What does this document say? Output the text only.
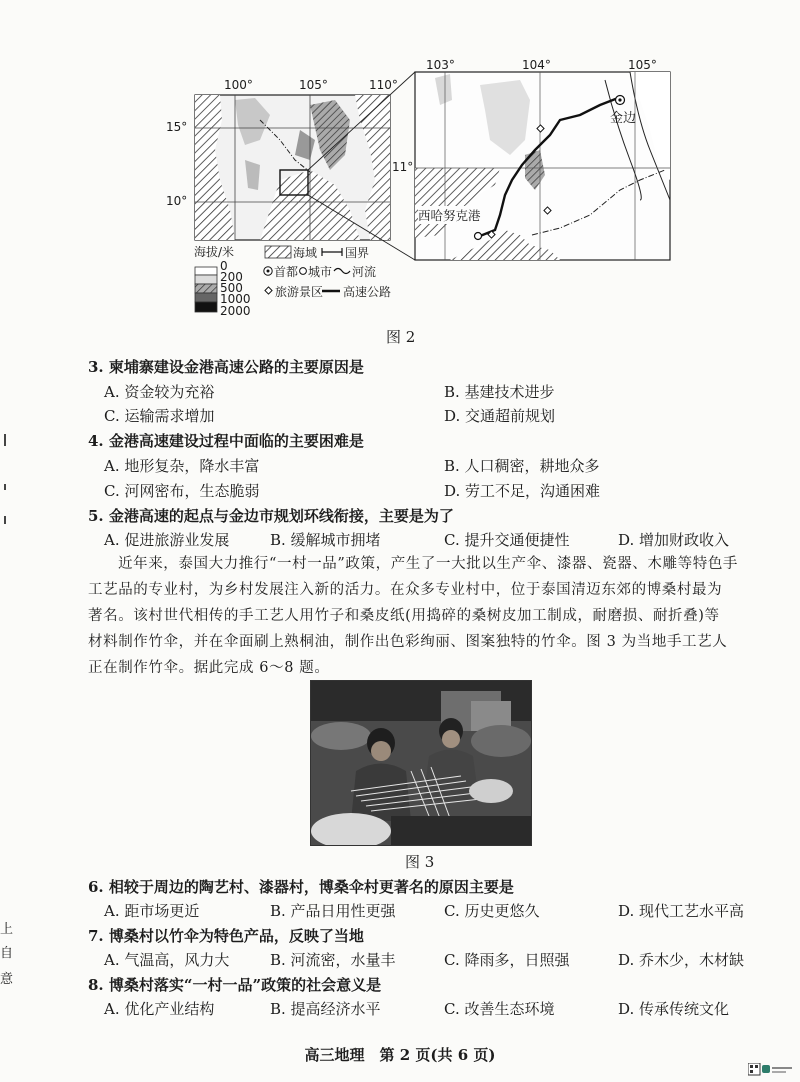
100°	105°	110°
15°
10°
103°	104°	105°
11°
金边
西哈努克港
海拔/米
0
200
500
1000
2000
海域 国界
首都 城市 河流
旅游景区 高速公路
图 2
3. 柬埔寨建设金港高速公路的主要原因是
A. 资金较为充裕	B. 基建技术进步
C. 运输需求增加	D. 交通超前规划
4. 金港高速建设过程中面临的主要困难是
A. 地形复杂，降水丰富	B. 人口稠密，耕地众多
C. 河网密布，生态脆弱	D. 劳工不足，沟通困难
5. 金港高速的起点与金边市规划环线衔接，主要是为了
A. 促进旅游业发展	B. 缓解城市拥堵	C. 提升交通便捷性	D. 增加财政收入
近年来，泰国大力推行“一村一品”政策，产生了一大批以生产伞、漆器、瓷器、木雕等特色手
工艺品的专业村，为乡村发展注入新的活力。在众多专业村中，位于泰国清迈东郊的博桑村最为
著名。该村世代相传的手工艺人用竹子和桑皮纸(用捣碎的桑树皮加工制成，耐磨损、耐折叠)等
材料制作竹伞，并在伞面刷上熟桐油，制作出色彩绚丽、图案独特的竹伞。图 3 为当地手工艺人
正在制作竹伞。据此完成 6～8 题。
图 3
6. 相较于周边的陶艺村、漆器村，博桑伞村更著名的原因主要是
A. 距市场更近	B. 产品日用性更强	C. 历史更悠久	D. 现代工艺水平高
7. 博桑村以竹伞为特色产品，反映了当地
A. 气温高，风力大	B. 河流密，水量丰	C. 降雨多，日照强	D. 乔木少，木材缺
8. 博桑村落实“一村一品”政策的社会意义是
A. 优化产业结构	B. 提高经济水平	C. 改善生态环境	D. 传承传统文化
高三地理　第 2 页(共 6 页)
上
自
意
